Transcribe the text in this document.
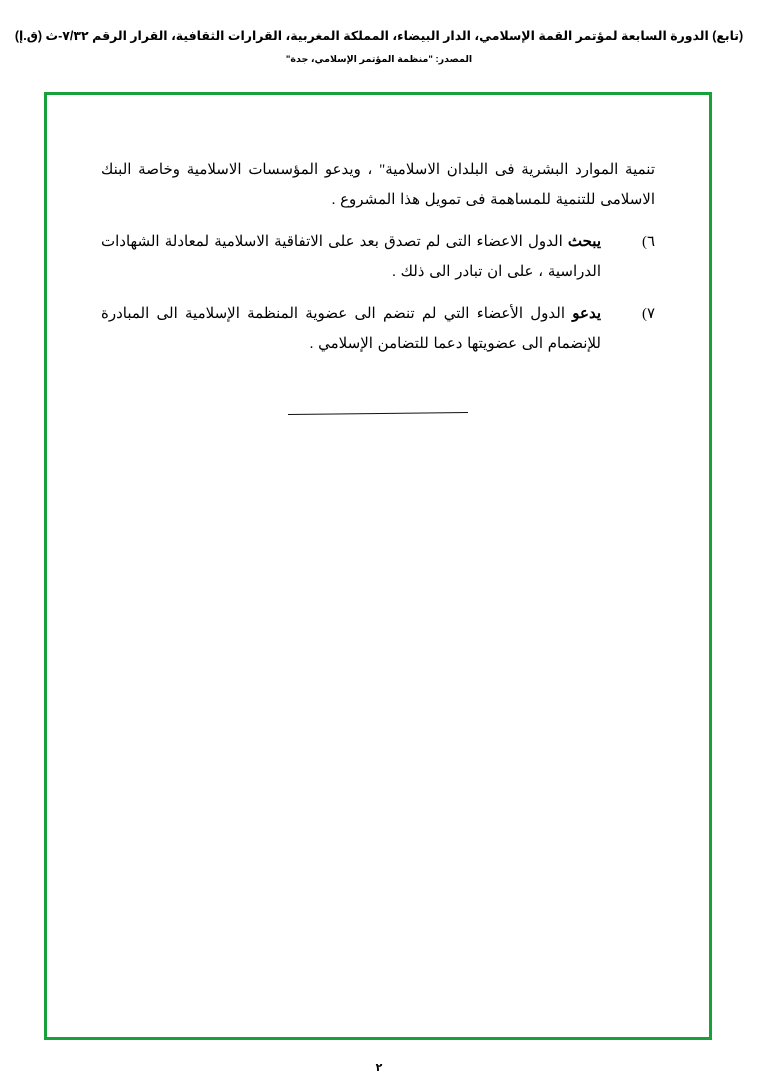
(تابع) الدورة السابعة لمؤتمر القمة الإسلامي، الدار البيضاء، المملكة المغربية، القرارات الثقافية، القرار الرقم ٧/٣٢-ث (ق.إ)
المصدر: "منظمة المؤتمر الإسلامي، جدة"

تنمية الموارد البشرية فى البلدان الاسلامية" ، ويدعو المؤسسات الاسلامية وخاصة البنك الاسلامى للتنمية للمساهمة فى تمويل هذا المشروع .

٦)
يبحث الدول الاعضاء التى لم تصدق بعد على الاتفاقية الاسلامية لمعادلة الشهادات الدراسية ، على ان تبادر الى ذلك .
٧)
يدعو الدول الأعضاء التي لم تنضم الى عضوية المنظمة الإسلامية الى المبادرة للإنضمام الى عضويتها دعما للتضامن الإسلامي .
٢
